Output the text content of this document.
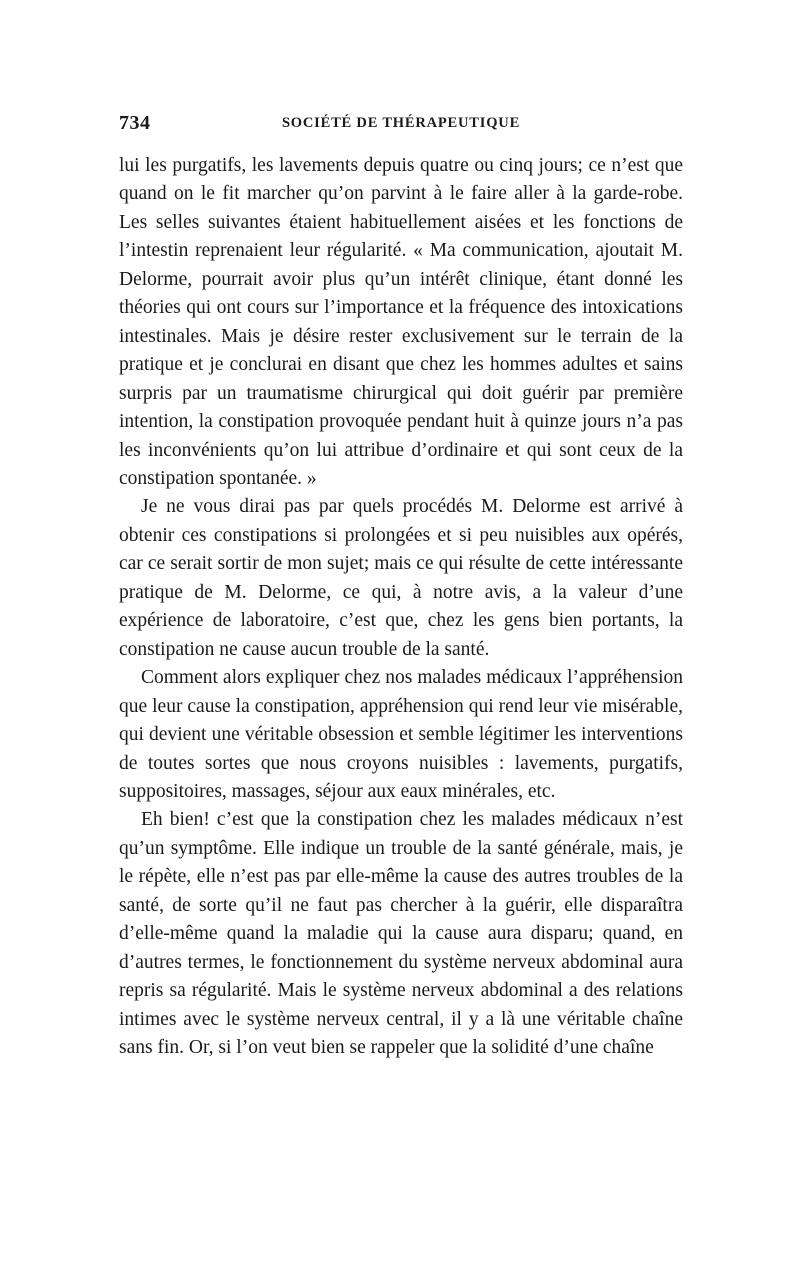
734	SOCIÉTÉ DE THÉRAPEUTIQUE

lui les purgatifs, les lavements depuis quatre ou cinq jours; ce n’est que quand on le fit marcher qu’on parvint à le faire aller à la garde-robe. Les selles suivantes étaient habituellement aisées et les fonctions de l’intestin reprenaient leur régularité. « Ma communication, ajoutait M. Delorme, pourrait avoir plus qu’un intérêt clinique, étant donné les théories qui ont cours sur l’importance et la fréquence des intoxications intestinales. Mais je désire rester exclusivement sur le terrain de la pratique et je conclurai en disant que chez les hommes adultes et sains surpris par un traumatisme chirurgical qui doit guérir par première intention, la constipation provoquée pendant huit à quinze jours n’a pas les inconvénients qu’on lui attribue d’ordinaire et qui sont ceux de la constipation spontanée. »

Je ne vous dirai pas par quels procédés M. Delorme est arrivé à obtenir ces constipations si prolongées et si peu nuisibles aux opérés, car ce serait sortir de mon sujet; mais ce qui résulte de cette intéressante pratique de M. Delorme, ce qui, à notre avis, a la valeur d’une expérience de laboratoire, c’est que, chez les gens bien portants, la constipation ne cause aucun trouble de la santé.

Comment alors expliquer chez nos malades médicaux l’appréhension que leur cause la constipation, appréhension qui rend leur vie misérable, qui devient une véritable obsession et semble légitimer les interventions de toutes sortes que nous croyons nuisibles : lavements, purgatifs, suppositoires, massages, séjour aux eaux minérales, etc.

Eh bien! c’est que la constipation chez les malades médicaux n’est qu’un symptôme. Elle indique un trouble de la santé générale, mais, je le répète, elle n’est pas par elle-même la cause des autres troubles de la santé, de sorte qu’il ne faut pas chercher à la guérir, elle disparaîtra d’elle-même quand la maladie qui la cause aura disparu; quand, en d’autres termes, le fonctionnement du système nerveux abdominal aura repris sa régularité. Mais le système nerveux abdominal a des relations intimes avec le système nerveux central, il y a là une véritable chaîne sans fin. Or, si l’on veut bien se rappeler que la solidité d’une chaîne
